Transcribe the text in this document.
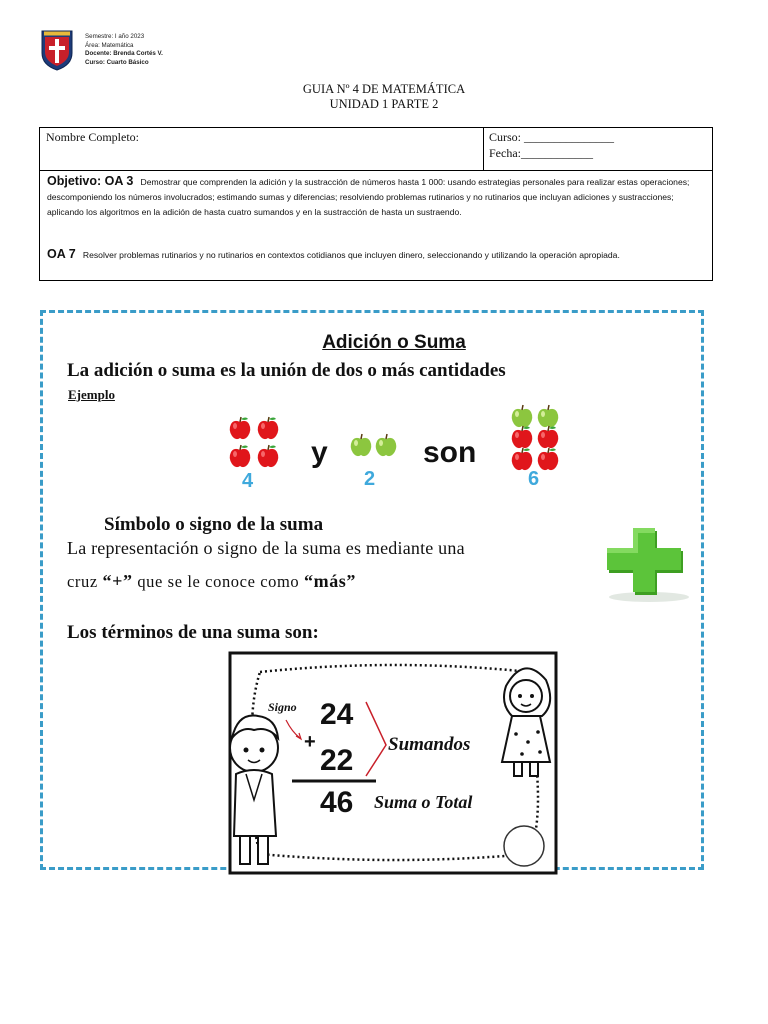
Semestre: I año 2023
Área: Matemática
Docente: Brenda Cortés V.
Curso: Cuarto Básico
GUIA Nº 4 DE MATEMÁTICA
UNIDAD 1 PARTE 2
Nombre Completo:	Curso: _______________
Fecha:____________
Objetivo: OA 3 Demostrar que comprenden la adición y la sustracción de números hasta 1 000: usando estrategias personales para realizar estas operaciones; descomponiendo los números involucrados; estimando sumas y diferencias; resolviendo problemas rutinarios y no rutinarios que incluyan adiciones y sustracciones; aplicando los algoritmos en la adición de hasta cuatro sumandos y en la sustracción de hasta un sustraendo.
OA 7 Resolver problemas rutinarios y no rutinarios en contextos cotidianos que incluyen dinero, seleccionando y utilizando la operación apropiada.
Adición o Suma
La adición o suma es la unión de dos o más cantidades
Ejemplo
4
y
2
son
6
Símbolo o signo de la suma
La representación o signo de la suma es mediante una
cruz “+” que se le conoce como “más”
Los términos de una suma son:
Signo 24
+
22 Sumandos
46 Suma o Total
